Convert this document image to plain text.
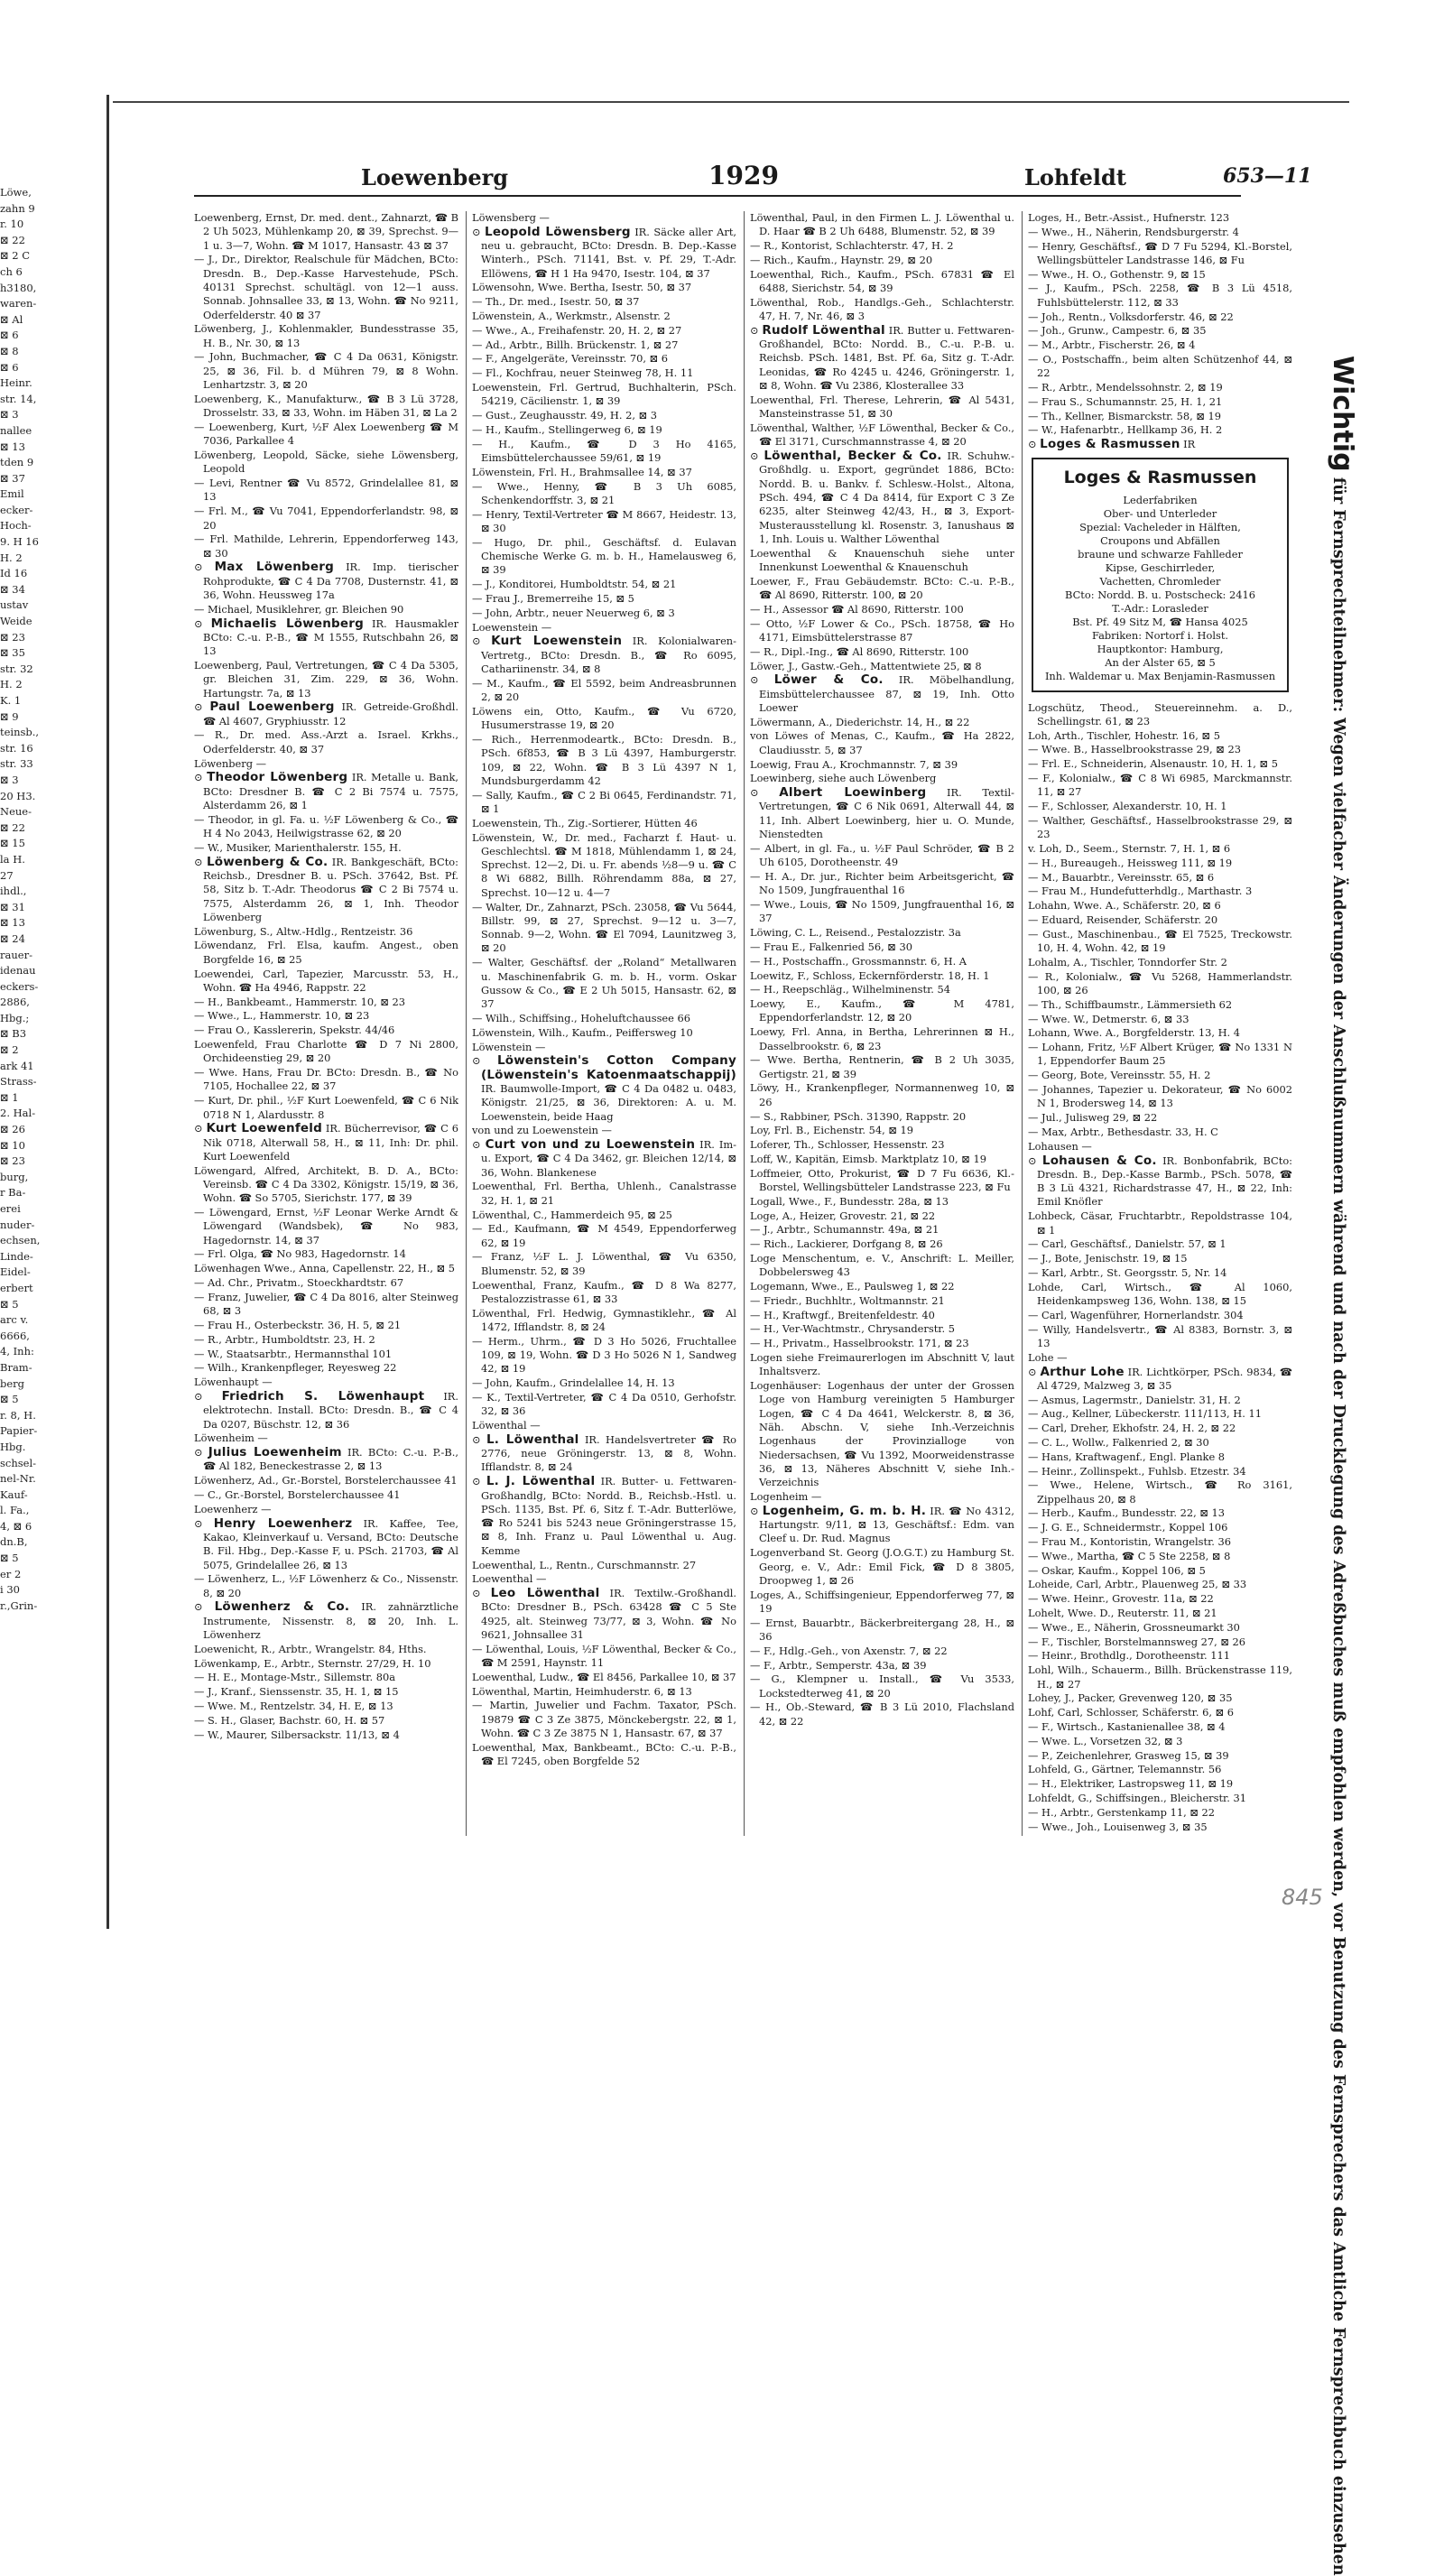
Löwe,

zahn 9

r. 10

⊠ 22

⊠ 2 C

ch 6

h3180,

waren-

⊠ Al

⊠ 6

⊠ 8

⊠ 6

Heinr.

str. 14,

⊠ 3

nallee

⊠ 13

tden 9

⊠ 37

Emil

ecker-

Hoch-

9. H 16

H. 2

Id 16

⊠ 34

ustav

Weide

⊠ 23

⊠ 35

str. 32

H. 2

K. 1

⊠ 9

teinsb.,

str. 16

str. 33

⊠ 3

20 H3.

Neue-

⊠ 22

⊠ 15

la H.

27

ihdl.,

⊠ 31

⊠ 13

⊠ 24

rauer-

idenau

eckers-

2886,

Hbg.;

⊠ B3

⊠ 2

ark 41

Strass-

⊠ 1

2. Hal-

⊠ 26

⊠ 10

⊠ 23

burg,

r Ba-

erei

nuder-

echsen,

Linde-

Eidel-

erbert

⊠ 5

arc v.

6666,

4, Inh:

Bram-

berg

⊠ 5

r. 8, H.

Papier-

Hbg.

schsel-

nel-Nr.

Kauf-

l. Fa.,

4, ⊠ 6

dn.B,

⊠ 5

er 2

i 30

r.,Grin-

Loewenberg	1929	Lohfeldt	653—11

Loewenberg, Ernst, Dr. med. dent., Zahnarzt, ☎ B 2 Uh 5023, Mühlenkamp 20, ⊠ 39, Sprechst. 9—1 u. 3—7, Wohn. ☎ M 1017, Hansastr. 43 ⊠ 37

— J., Dr., Direktor, Realschule für Mädchen, BCto: Dresdn. B., Dep.-Kasse Harvestehude, PSch. 40131 Sprechst. schultägl. von 12—1 auss. Sonnab. Johnsallee 33, ⊠ 13, Wohn. ☎ No 9211, Oderfelderstr. 40 ⊠ 37

Löwenberg, J., Kohlenmakler, Bundesstrasse 35, H. B., Nr. 30, ⊠ 13

— John, Buchmacher, ☎ C 4 Da 0631, Königstr. 25, ⊠ 36, Fil. b. d Mühren 79, ⊠ 8 Wohn. Lenhartzstr. 3, ⊠ 20

Loewenberg, K., Manufakturw., ☎ B 3 Lü 3728, Drosselstr. 33, ⊠ 33, Wohn. im Häben 31, ⊠ La 2

— Loewenberg, Kurt, ½F Alex Loewenberg ☎ M 7036, Parkallee 4

Löwenberg, Leopold, Säcke, siehe Löwensberg, Leopold

— Levi, Rentner ☎ Vu 8572, Grindelallee 81, ⊠ 13

— Frl. M., ☎ Vu 7041, Eppendorferlandstr. 98, ⊠ 20

— Frl. Mathilde, Lehrerin, Eppendorferweg 143, ⊠ 30

⊙ Max Löwenberg IR. Imp. tierischer Rohprodukte, ☎ C 4 Da 7708, Dusternstr. 41, ⊠ 36, Wohn. Heussweg 17a

— Michael, Musiklehrer, gr. Bleichen 90

⊙ Michaelis Löwenberg IR. Hausmakler BCto: C.-u. P.-B., ☎ M 1555, Rutschbahn 26, ⊠ 13

Loewenberg, Paul, Vertretungen, ☎ C 4 Da 5305, gr. Bleichen 31, Zim. 229, ⊠ 36, Wohn. Hartungstr. 7a, ⊠ 13

⊙ Paul Loewenberg IR. Getreide-Großhdl. ☎ Al 4607, Gryphiusstr. 12

— R., Dr. med. Ass.-Arzt a. Israel. Krkhs., Oderfelderstr. 40, ⊠ 37

Löwenberg —

⊙ Theodor Löwenberg IR. Metalle u. Bank, BCto: Dresdner B. ☎ C 2 Bi 7574 u. 7575, Alsterdamm 26, ⊠ 1

— Theodor, in gl. Fa. u. ½F Löwenberg & Co., ☎ H 4 No 2043, Heilwigstrasse 62, ⊠ 20

— W., Musiker, Marienthalerstr. 155, H.

⊙ Löwenberg & Co. IR. Bankgeschäft, BCto: Reichsb., Dresdner B. u. PSch. 37642, Bst. Pf. 58, Sitz b. T.-Adr. Theodorus ☎ C 2 Bi 7574 u. 7575, Alsterdamm 26, ⊠ 1, Inh. Theodor Löwenberg

Löwenburg, S., Altw.-Hdlg., Rentzeistr. 36

Löwendanz, Frl. Elsa, kaufm. Angest., oben Borgfelde 16, ⊠ 25

Loewendei, Carl, Tapezier, Marcusstr. 53, H., Wohn. ☎ Ha 4946, Rappstr. 22

— H., Bankbeamt., Hammerstr. 10, ⊠ 23

— Wwe., L., Hammerstr. 10, ⊠ 23

— Frau O., Kasslererin, Spekstr. 44/46

Loewenfeld, Frau Charlotte ☎ D 7 Ni 2800, Orchideenstieg 29, ⊠ 20

— Wwe. Hans, Frau Dr. BCto: Dresdn. B., ☎ No 7105, Hochallee 22, ⊠ 37

— Kurt, Dr. phil., ½F Kurt Loewenfeld, ☎ C 6 Nik 0718 N 1, Alardusstr. 8

⊙ Kurt Loewenfeld IR. Bücherrevisor, ☎ C 6 Nik 0718, Alterwall 58, H., ⊠ 11, Inh: Dr. phil. Kurt Loewenfeld

Löwengard, Alfred, Architekt, B. D. A., BCto: Vereinsb. ☎ C 4 Da 3302, Königstr. 15/19, ⊠ 36, Wohn. ☎ So 5705, Sierichstr. 177, ⊠ 39

— Löwengard, Ernst, ½F Leonar Werke Arndt & Löwengard (Wandsbek), ☎ No 983, Hagedornstr. 14, ⊠ 37

— Frl. Olga, ☎ No 983, Hagedornstr. 14

Löwenhagen Wwe., Anna, Capellenstr. 22, H., ⊠ 5

— Ad. Chr., Privatm., Stoeckhardtstr. 67

— Franz, Juwelier, ☎ C 4 Da 8016, alter Steinweg 68, ⊠ 3

— Frau H., Osterbeckstr. 36, H. 5, ⊠ 21

— R., Arbtr., Humboldtstr. 23, H. 2

— W., Staatsarbtr., Hermannsthal 101

— Wilh., Krankenpfleger, Reyesweg 22

Löwenhaupt —

⊙ Friedrich S. Löwenhaupt IR. elektrotechn. Install. BCto: Dresdn. B., ☎ C 4 Da 0207, Büschstr. 12, ⊠ 36

Löwenheim —

⊙ Julius Loewenheim IR. BCto: C.-u. P.-B., ☎ Al 182, Beneckestrasse 2, ⊠ 13

Löwenherz, Ad., Gr.-Borstel, Borstelerchaussee 41

— C., Gr.-Borstel, Borstelerchaussee 41

Loewenherz —

⊙ Henry Loewenherz IR. Kaffee, Tee, Kakao, Kleinverkauf u. Versand, BCto: Deutsche B. Fil. Hbg., Dep.-Kasse F, u. PSch. 21703, ☎ Al 5075, Grindelallee 26, ⊠ 13

— Löwenherz, L., ½F Löwenherz & Co., Nissenstr. 8, ⊠ 20

⊙ Löwenherz & Co. IR. zahnärztliche Instrumente, Nissenstr. 8, ⊠ 20, Inh. L. Löwenherz

Loewenicht, R., Arbtr., Wrangelstr. 84, Hths.

Löwenkamp, E., Arbtr., Sternstr. 27/29, H. 10

— H. E., Montage-Mstr., Sillemstr. 80a

— J., Kranf., Sienssenstr. 35, H. 1, ⊠ 15

— Wwe. M., Rentzelstr. 34, H. E, ⊠ 13

— S. H., Glaser, Bachstr. 60, H. ⊠ 57

— W., Maurer, Silbersackstr. 11/13, ⊠ 4

Löwensberg —

⊙ Leopold Löwensberg IR. Säcke aller Art, neu u. gebraucht, BCto: Dresdn. B. Dep.-Kasse Winterh., PSch. 71141, Bst. v. Pf. 29, T.-Adr. Ellöwens, ☎ H 1 Ha 9470, Isestr. 104, ⊠ 37

Löwensohn, Wwe. Bertha, Isestr. 50, ⊠ 37

— Th., Dr. med., Isestr. 50, ⊠ 37

Löwenstein, A., Werkmstr., Alsenstr. 2

— Wwe., A., Freihafenstr. 20, H. 2, ⊠ 27

— Ad., Arbtr., Billh. Brückenstr. 1, ⊠ 27

— F., Angelgeräte, Vereinsstr. 70, ⊠ 6

— Fl., Kochfrau, neuer Steinweg 78, H. 11

Loewenstein, Frl. Gertrud, Buchhalterin, PSch. 54219, Cäcilienstr. 1, ⊠ 39

— Gust., Zeughausstr. 49, H. 2, ⊠ 3

— H., Kaufm., Stellingerweg 6, ⊠ 19

— H., Kaufm., ☎ D 3 Ho 4165, Eimsbüttelerchaussee 59/61, ⊠ 19

Löwenstein, Frl. H., Brahmsallee 14, ⊠ 37

— Wwe., Henny, ☎ B 3 Uh 6085, Schenkendorffstr. 3, ⊠ 21

— Henry, Textil-Vertreter ☎ M 8667, Heidestr. 13, ⊠ 30

— Hugo, Dr. phil., Geschäftsf. d. Eulavan Chemische Werke G. m. b. H., Hamelausweg 6, ⊠ 39

— J., Konditorei, Humboldtstr. 54, ⊠ 21

— Frau J., Bremerreihe 15, ⊠ 5

— John, Arbtr., neuer Neuerweg 6, ⊠ 3

Loewenstein —

⊙ Kurt Loewenstein IR. Kolonialwaren-Vertretg., BCto: Dresdn. B., ☎ Ro 6095, Cathariinenstr. 34, ⊠ 8

— M., Kaufm., ☎ El 5592, beim Andreasbrunnen 2, ⊠ 20

Löwens ein, Otto, Kaufm., ☎ Vu 6720, Husumerstrasse 19, ⊠ 20

— Rich., Herrenmodeartk., BCto: Dresdn. B., PSch. 6f853, ☎ B 3 Lü 4397, Hamburgerstr. 109, ⊠ 22, Wohn. ☎ B 3 Lü 4397 N 1, Mundsburgerdamm 42

— Sally, Kaufm., ☎ C 2 Bi 0645, Ferdinandstr. 71, ⊠ 1

Loewenstein, Th., Zig.-Sortierer, Hütten 46

Löwenstein, W., Dr. med., Facharzt f. Haut- u. Geschlechtsl. ☎ M 1818, Mühlendamm 1, ⊠ 24, Sprechst. 12—2, Di. u. Fr. abends ½8—9 u. ☎ C 8 Wi 6882, Billh. Röhrendamm 88a, ⊠ 27, Sprechst. 10—12 u. 4—7

— Walter, Dr., Zahnarzt, PSch. 23058, ☎ Vu 5644, Billstr. 99, ⊠ 27, Sprechst. 9—12 u. 3—7, Sonnab. 9—2, Wohn. ☎ El 7094, Launitzweg 3, ⊠ 20

— Walter, Geschäftsf. der „Roland“ Metallwaren u. Maschinenfabrik G. m. b. H., vorm. Oskar Gussow & Co., ☎ E 2 Uh 5015, Hansastr. 62, ⊠ 37

— Wilh., Schiffsing., Hoheluftchaussee 66

Löwenstein, Wilh., Kaufm., Peiffersweg 10

Löwenstein —

⊙ Löwenstein's Cotton Company (Löwenstein's Katoenmaatschappij) IR. Baumwolle-Import, ☎ C 4 Da 0482 u. 0483, Königstr. 21/25, ⊠ 36, Direktoren: A. u. M. Loewenstein, beide Haag

von und zu Loewenstein —

⊙ Curt von und zu Loewenstein IR. Im- u. Export, ☎ C 4 Da 3462, gr. Bleichen 12/14, ⊠ 36, Wohn. Blankenese

Loewenthal, Frl. Bertha, Uhlenh., Canalstrasse 32, H. 1, ⊠ 21

Löwenthal, C., Hammerdeich 95, ⊠ 25

— Ed., Kaufmann, ☎ M 4549, Eppendorferweg 62, ⊠ 19

— Franz, ½F L. J. Löwenthal, ☎ Vu 6350, Blumenstr. 52, ⊠ 39

Loewenthal, Franz, Kaufm., ☎ D 8 Wa 8277, Pestalozzistrasse 61, ⊠ 33

Löwenthal, Frl. Hedwig, Gymnastiklehr., ☎ Al 1472, Ifflandstr. 8, ⊠ 24

— Herm., Uhrm., ☎ D 3 Ho 5026, Fruchtallee 109, ⊠ 19, Wohn. ☎ D 3 Ho 5026 N 1, Sandweg 42, ⊠ 19

— John, Kaufm., Grindelallee 14, H. 13

— K., Textil-Vertreter, ☎ C 4 Da 0510, Gerhofstr. 32, ⊠ 36

Löwenthal —

⊙ L. Löwenthal IR. Handelsvertreter ☎ Ro 2776, neue Gröningerstr. 13, ⊠ 8, Wohn. Ifflandstr. 8, ⊠ 24

⊙ L. J. Löwenthal IR. Butter- u. Fettwaren-Großhandlg, BCto: Nordd. B., Reichsb.-Hstl. u. PSch. 1135, Bst. Pf. 6, Sitz f. T.-Adr. Butterlöwe, ☎ Ro 5241 bis 5243 neue Gröningerstrasse 15, ⊠ 8, Inh. Franz u. Paul Löwenthal u. Aug. Kemme

Loewenthal, L., Rentn., Curschmannstr. 27

Loewenthal —

⊙ Leo Löwenthal IR. Textilw.-Großhandl. BCto: Dresdner B., PSch. 63428 ☎ C 5 Ste 4925, alt. Steinweg 73/77, ⊠ 3, Wohn. ☎ No 9621, Johnsallee 31

— Löwenthal, Louis, ½F Löwenthal, Becker & Co., ☎ M 2591, Haynstr. 11

Loewenthal, Ludw., ☎ El 8456, Parkallee 10, ⊠ 37

Löwenthal, Martin, Heimhuderstr. 6, ⊠ 13

— Martin, Juwelier und Fachm. Taxator, PSch. 19879 ☎ C 3 Ze 3875, Mönckebergstr. 22, ⊠ 1, Wohn. ☎ C 3 Ze 3875 N 1, Hansastr. 67, ⊠ 37

Loewenthal, Max, Bankbeamt., BCto: C.-u. P.-B., ☎ El 7245, oben Borgfelde 52

Löwenthal, Paul, in den Firmen L. J. Löwenthal u. D. Haar ☎ B 2 Uh 6488, Blumenstr. 52, ⊠ 39

— R., Kontorist, Schlachterstr. 47, H. 2

— Rich., Kaufm., Haynstr. 29, ⊠ 20

Loewenthal, Rich., Kaufm., PSch. 67831 ☎ El 6488, Sierichstr. 54, ⊠ 39

Löwenthal, Rob., Handlgs.-Geh., Schlachterstr. 47, H. 7, Nr. 46, ⊠ 3

⊙ Rudolf Löwenthal IR. Butter u. Fettwaren-Großhandel, BCto: Nordd. B., C.-u. P.-B. u. Reichsb. PSch. 1481, Bst. Pf. 6a, Sitz g. T.-Adr. Leonidas, ☎ Ro 4245 u. 4246, Gröningerstr. 1, ⊠ 8, Wohn. ☎ Vu 2386, Klosterallee 33

Loewenthal, Frl. Therese, Lehrerin, ☎ Al 5431, Mansteinstrasse 51, ⊠ 30

Löwenthal, Walther, ½F Löwenthal, Becker & Co., ☎ El 3171, Curschmannstrasse 4, ⊠ 20

⊙ Löwenthal, Becker & Co. IR. Schuhw.-Großhdlg. u. Export, gegründet 1886, BCto: Nordd. B. u. Bankv. f. Schlesw.-Holst., Altona, PSch. 494, ☎ C 4 Da 8414, für Export C 3 Ze 6235, alter Steinweg 42/43, H., ⊠ 3, Export-Musterausstellung kl. Rosenstr. 3, Ianushaus ⊠ 1, Inh. Louis u. Walther Löwenthal

Loewenthal & Knauenschuh siehe unter Innenkunst Loewenthal & Knauenschuh

Loewer, F., Frau Gebäudemstr. BCto: C.-u. P.-B., ☎ Al 8690, Ritterstr. 100, ⊠ 20

— H., Assessor ☎ Al 8690, Ritterstr. 100

— Otto, ½F Lower & Co., PSch. 18758, ☎ Ho 4171, Eimsbüttelerstrasse 87

— R., Dipl.-Ing., ☎ Al 8690, Ritterstr. 100

Löwer, J., Gastw.-Geh., Mattentwiete 25, ⊠ 8

⊙ Löwer & Co. IR. Möbelhandlung, Eimsbüttelerchaussee 87, ⊠ 19, Inh. Otto Loewer

Löwermann, A., Diederichstr. 14, H., ⊠ 22

von Löwes of Menas, C., Kaufm., ☎ Ha 2822, Claudiusstr. 5, ⊠ 37

Loewig, Frau A., Krochmannstr. 7, ⊠ 39

Loewinberg, siehe auch Löwenberg

⊙ Albert Loewinberg IR. Textil-Vertretungen, ☎ C 6 Nik 0691, Alterwall 44, ⊠ 11, Inh. Albert Loewinberg, hier u. O. Munde, Nienstedten

— Albert, in gl. Fa., u. ½F Paul Schröder, ☎ B 2 Uh 6105, Dorotheenstr. 49

— H. A., Dr. jur., Richter beim Arbeitsgericht, ☎ No 1509, Jungfrauenthal 16

— Wwe., Louis, ☎ No 1509, Jungfrauenthal 16, ⊠ 37

Löwing, C. L., Reisend., Pestalozzistr. 3a

— Frau E., Falkenried 56, ⊠ 30

— H., Postschaffn., Grossmannstr. 6, H. A

Loewitz, F., Schloss, Eckernförderstr. 18, H. 1

— H., Reepschläg., Wilhelminenstr. 54

Loewy, E., Kaufm., ☎ M 4781, Eppendorferlandstr. 12, ⊠ 20

Loewy, Frl. Anna, in Bertha, Lehrerinnen ⊠ H., Dasselbrookstr. 6, ⊠ 23

— Wwe. Bertha, Rentnerin, ☎ B 2 Uh 3035, Gertigstr. 21, ⊠ 39

Löwy, H., Krankenpfleger, Normannenweg 10, ⊠ 26

— S., Rabbiner, PSch. 31390, Rappstr. 20

Loy, Frl. B., Eichenstr. 54, ⊠ 19

Loferer, Th., Schlosser, Hessenstr. 23

Loff, W., Kapitän, Eimsb. Marktplatz 10, ⊠ 19

Loffmeier, Otto, Prokurist, ☎ D 7 Fu 6636, Kl.-Borstel, Wellingsbütteler Landstrasse 223, ⊠ Fu

Logall, Wwe., F., Bundesstr. 28a, ⊠ 13

Loge, A., Heizer, Grovestr. 21, ⊠ 22

— J., Arbtr., Schumannstr. 49a, ⊠ 21

— Rich., Lackierer, Dorfgang 8, ⊠ 26

Loge Menschentum, e. V., Anschrift: L. Meiller, Dobbelersweg 43

Logemann, Wwe., E., Paulsweg 1, ⊠ 22

— Friedr., Buchhltr., Woltmannstr. 21

— H., Kraftwgf., Breitenfeldestr. 40

— H., Ver-Wachtmstr., Chrysanderstr. 5

— H., Privatm., Hasselbrookstr. 171, ⊠ 23

Logen siehe Freimaurerlogen im Abschnitt V, laut Inhaltsverz.

Logenhäuser: Logenhaus der unter der Grossen Loge von Hamburg vereinigten 5 Hamburger Logen, ☎ C 4 Da 4641, Welckerstr. 8, ⊠ 36, Näh. Abschn. V, siehe Inh.-Verzeichnis Logenhaus der Provinzialloge von Niedersachsen, ☎ Vu 1392, Moorweidenstrasse 36, ⊠ 13, Näheres Abschnitt V, siehe Inh.-Verzeichnis

Logenheim —

⊙ Logenheim, G. m. b. H. IR. ☎ No 4312, Hartungstr. 9/11, ⊠ 13, Geschäftsf.: Edm. van Cleef u. Dr. Rud. Magnus

Logenverband St. Georg (J.O.G.T.) zu Hamburg St. Georg, e. V., Adr.: Emil Fick, ☎ D 8 3805, Droopweg 1, ⊠ 26

Loges, A., Schiffsingenieur, Eppendorferweg 77, ⊠ 19

— Ernst, Bauarbtr., Bäckerbreitergang 28, H., ⊠ 36

— F., Hdlg.-Geh., von Axenstr. 7, ⊠ 22

— F., Arbtr., Semperstr. 43a, ⊠ 39

— G., Klempner u. Install., ☎ Vu 3533, Lockstedterweg 41, ⊠ 20

— H., Ob.-Steward, ☎ B 3 Lü 2010, Flachsland 42, ⊠ 22

Loges, H., Betr.-Assist., Hufnerstr. 123

— Wwe., H., Näherin, Rendsburgerstr. 4

— Henry, Geschäftsf., ☎ D 7 Fu 5294, Kl.-Borstel, Wellingsbütteler Landstrasse 146, ⊠ Fu

— Wwe., H. O., Gothenstr. 9, ⊠ 15

— J., Kaufm., PSch. 2258, ☎ B 3 Lü 4518, Fuhlsbüttelerstr. 112, ⊠ 33

— Joh., Rentn., Volksdorferstr. 46, ⊠ 22

— Joh., Grunw., Campestr. 6, ⊠ 35

— M., Arbtr., Fischerstr. 26, ⊠ 4

— O., Postschaffn., beim alten Schützenhof 44, ⊠ 22

— R., Arbtr., Mendelssohnstr. 2, ⊠ 19

— Frau S., Schumannstr. 25, H. 1, 21

— Th., Kellner, Bismarckstr. 58, ⊠ 19

— W., Hafenarbtr., Hellkamp 36, H. 2

⊙ Loges & Rasmussen IR

Loges & Rasmussen
Lederfabriken
Ober- und Unterleder
Spezial: Vacheleder in Hälften,
Croupons und Abfällen
braune und schwarze Fahlleder
Kipse, Geschirrleder,
Vachetten, Chromleder
BCto: Nordd. B. u. Postscheck: 2416
T.-Adr.: Lorasleder
Bst. Pf. 49 Sitz M, ☎ Hansa 4025
Fabriken: Nortorf i. Holst.
Hauptkontor: Hamburg,
An der Alster 65, ⊠ 5
Inh. Waldemar u. Max Benjamin-Rasmussen

Logschütz, Theod., Steuereinnehm. a. D., Schellingstr. 61, ⊠ 23

Loh, Arth., Tischler, Hohestr. 16, ⊠ 5

— Wwe. B., Hasselbrookstrasse 29, ⊠ 23

— Frl. E., Schneiderin, Alsenaustr. 10, H. 1, ⊠ 5

— F., Kolonialw., ☎ C 8 Wi 6985, Marckmannstr. 11, ⊠ 27

— F., Schlosser, Alexanderstr. 10, H. 1

— Walther, Geschäftsf., Hasselbrookstrasse 29, ⊠ 23

v. Loh, D., Seem., Sternstr. 7, H. 1, ⊠ 6

— H., Bureaugeh., Heissweg 111, ⊠ 19

— M., Bauarbtr., Vereinsstr. 65, ⊠ 6

— Frau M., Hundefutterhdlg., Marthastr. 3

Lohahn, Wwe. A., Schäferstr. 20, ⊠ 6

— Eduard, Reisender, Schäferstr. 20

— Gust., Maschinenbau., ☎ El 7525, Treckowstr. 10, H. 4, Wohn. 42, ⊠ 19

Lohalm, A., Tischler, Tonndorfer Str. 2

— R., Kolonialw., ☎ Vu 5268, Hammerlandstr. 100, ⊠ 26

— Th., Schiffbaumstr., Lämmersieth 62

— Wwe. W., Detmerstr. 6, ⊠ 33

Lohann, Wwe. A., Borgfelderstr. 13, H. 4

— Lohann, Fritz, ½F Albert Krüger, ☎ No 1331 N 1, Eppendorfer Baum 25

— Georg, Bote, Vereinsstr. 55, H. 2

— Johannes, Tapezier u. Dekorateur, ☎ No 6002 N 1, Brodersweg 14, ⊠ 13

— Jul., Julisweg 29, ⊠ 22

— Max, Arbtr., Bethesdastr. 33, H. C

Lohausen —

⊙ Lohausen & Co. IR. Bonbonfabrik, BCto: Dresdn. B., Dep.-Kasse Barmb., PSch. 5078, ☎ B 3 Lü 4321, Richardstrasse 47, H., ⊠ 22, Inh: Emil Knöfler

Lohbeck, Cäsar, Fruchtarbtr., Repoldstrasse 104, ⊠ 1

— Carl, Geschäftsf., Danielstr. 57, ⊠ 1

— J., Bote, Jenischstr. 19, ⊠ 15

— Karl, Arbtr., St. Georgsstr. 5, Nr. 14

Lohde, Carl, Wirtsch., ☎ Al 1060, Heidenkampsweg 136, Wohn. 138, ⊠ 15

— Carl, Wagenführer, Hornerlandstr. 304

— Willy, Handelsvertr., ☎ Al 8383, Bornstr. 3, ⊠ 13

Lohe —

⊙ Arthur Lohe IR. Lichtkörper, PSch. 9834, ☎ Al 4729, Malzweg 3, ⊠ 35

— Asmus, Lagermstr., Danielstr. 31, H. 2

— Aug., Kellner, Lübeckerstr. 111/113, H. 11

— Carl, Dreher, Ekhofstr. 24, H. 2, ⊠ 22

— C. L., Wollw., Falkenried 2, ⊠ 30

— Hans, Kraftwagenf., Engl. Planke 8

— Heinr., Zollinspekt., Fuhlsb. Etzestr. 34

— Wwe., Helene, Wirtsch., ☎ Ro 3161, Zippelhaus 20, ⊠ 8

— Herb., Kaufm., Bundesstr. 22, ⊠ 13

— J. G. E., Schneidermstr., Koppel 106

— Frau M., Kontoristin, Wrangelstr. 36

— Wwe., Martha, ☎ C 5 Ste 2258, ⊠ 8

— Oskar, Kaufm., Koppel 106, ⊠ 5

Loheide, Carl, Arbtr., Plauenweg 25, ⊠ 33

— Wwe. Heinr., Grovestr. 11a, ⊠ 22

Lohelt, Wwe. D., Reuterstr. 11, ⊠ 21

— Wwe., E., Näherin, Grossneumarkt 30

— F., Tischler, Borstelmannsweg 27, ⊠ 26

— Heinr., Brothdlg., Dorotheenstr. 111

Lohl, Wilh., Schauerm., Billh. Brückenstrasse 119, H., ⊠ 27

Lohey, J., Packer, Grevenweg 120, ⊠ 35

Lohf, Carl, Schlosser, Schäferstr. 6, ⊠ 6

— F., Wirtsch., Kastanienallee 38, ⊠ 4

— Wwe. L., Vorsetzen 32, ⊠ 3

— P., Zeichenlehrer, Grasweg 15, ⊠ 39

Lohfeld, G., Gärtner, Telemannstr. 56

— H., Elektriker, Lastropsweg 11, ⊠ 19

Lohfeldt, G., Schiffsingen., Bleicherstr. 31

— H., Arbtr., Gerstenkamp 11, ⊠ 22

— Wwe., Joh., Louisenweg 3, ⊠ 35

Wichtig für Fernsprechteilnehmer: Wegen vielfacher Änderungen der Anschlußnummern während und nach der Drucklegung des Adreßbuches muß empfohlen werden, vor Benutzung des Fernsprechers das Amtliche Fernsprechbuch einzusehen
845
